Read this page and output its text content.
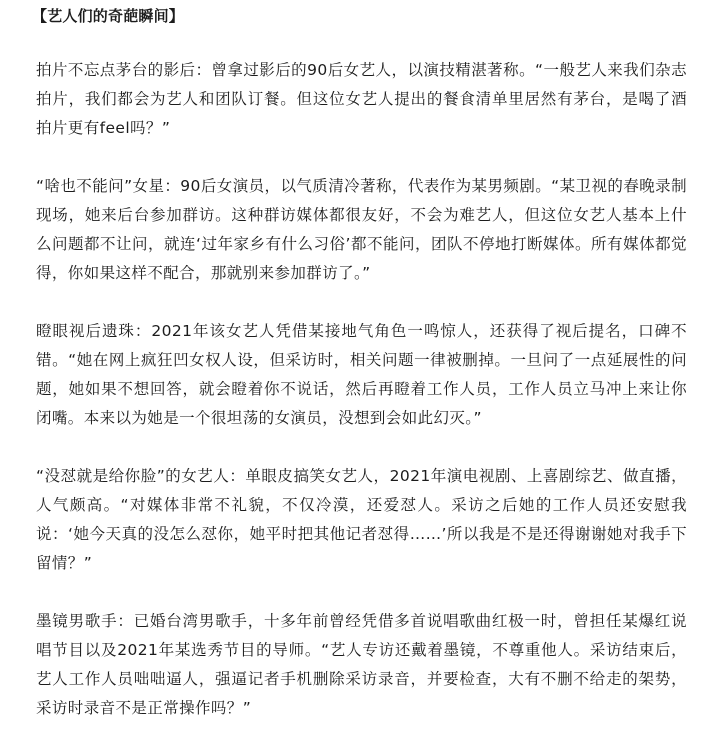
【艺人们的奇葩瞬间】
拍片不忘点茅台的影后：曾拿过影后的90后女艺人，以演技精湛著称。“一般艺人来我们杂志拍片，我们都会为艺人和团队订餐。但这位女艺人提出的餐食清单里居然有茅台，是喝了酒拍片更有feel吗？”
“啥也不能问”女星：90后女演员，以气质清冷著称，代表作为某男频剧。“某卫视的春晚录制现场，她来后台参加群访。这种群访媒体都很友好，不会为难艺人，但这位女艺人基本上什么问题都不让问，就连‘过年家乡有什么习俗’都不能问，团队不停地打断媒体。所有媒体都觉得，你如果这样不配合，那就别来参加群访了。”
瞪眼视后遗珠：2021年该女艺人凭借某接地气角色一鸣惊人，还获得了视后提名，口碑不错。“她在网上疯狂凹女权人设，但采访时，相关问题一律被删掉。一旦问了一点延展性的问题，她如果不想回答，就会瞪着你不说话，然后再瞪着工作人员，工作人员立马冲上来让你闭嘴。本来以为她是一个很坦荡的女演员，没想到会如此幻灭。”
“没怼就是给你脸”的女艺人：单眼皮搞笑女艺人，2021年演电视剧、上喜剧综艺、做直播，人气颇高。“对媒体非常不礼貌，不仅冷漠，还爱怼人。采访之后她的工作人员还安慰我说：‘她今天真的没怎么怼你，她平时把其他记者怼得……’所以我是不是还得谢谢她对我手下留情？”
墨镜男歌手：已婚台湾男歌手，十多年前曾经凭借多首说唱歌曲红极一时，曾担任某爆红说唱节目以及2021年某选秀节目的导师。“艺人专访还戴着墨镜，不尊重他人。采访结束后，艺人工作人员咄咄逼人，强逼记者手机删除采访录音，并要检查，大有不删不给走的架势，采访时录音不是正常操作吗？”
